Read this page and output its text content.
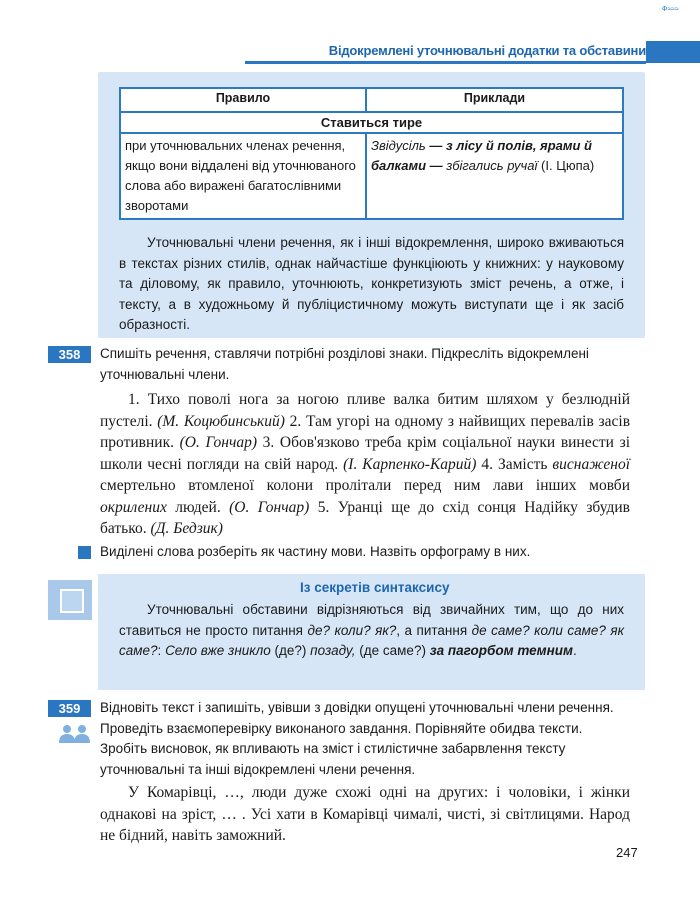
Ф≈≈≈
Відокремлені уточнювальні додатки та обставини
Правило	Приклади
Ставиться тире	
при уточнювальних членах речення, якщо вони віддалені від уточнюваного слова або виражені багатослівними зворотами	Звідусіль — з лісу й полів, ярами й балками — збігались ручаї (І. Цюпа)
Уточнювальні члени речення, як і інші відокремлення, широко вживаються в текстах різних стилів, однак найчастіше функціюють у книжних: у науковому та діловому, як правило, уточнюють, конкретизують зміст речень, а отже, і тексту, а в художньому й публіцистичному можуть виступати ще і як засіб образності.
358	Спишіть речення, ставлячи потрібні розділові знаки. Підкресліть відокремлені уточнювальні члени.
1. Тихо поволі нога за ногою пливе валка битим шляхом у безлюдній пустелі. (М. Коцюбинський) 2. Там угорі на одному з найвищих перевалів засів противник. (О. Гончар) 3. Обов'язково треба крім соціальної науки винести зі школи чесні погляди на свій народ. (І. Карпенко-Карий) 4. Замість виснаженої смертельно втомленої колони пролітали перед ним лави інших мовби окрилених людей. (О. Гончар) 5. Уранці ще до схід сонця Надійку збудив батько. (Д. Бедзик)
Виділені слова розберіть як частину мови. Назвіть орфограму в них.
Із секретів синтаксису
Уточнювальні обставини відрізняються від звичайних тим, що до них ставиться не просто питання де? коли? як?, а питання де саме? коли саме? як саме?: Село вже зникло (де?) позаду, (де саме?) за пагорбом темним.
359	Відновіть текст і запишіть, увівши з довідки опущені уточнювальні члени речення. Проведіть взаємоперевірку виконаного завдання. Порівняйте обидва тексти. Зробіть висновок, як впливають на зміст і стилістичне забарвлення тексту уточнювальні та інші відокремлені члени речення.
У Комарівці, …, люди дуже схожі одні на других: і чоловіки, і жінки однакові на зріст, … . Усі хати в Комарівці чималі, чисті, зі світлицями. Народ не бідний, навіть заможний.
247
